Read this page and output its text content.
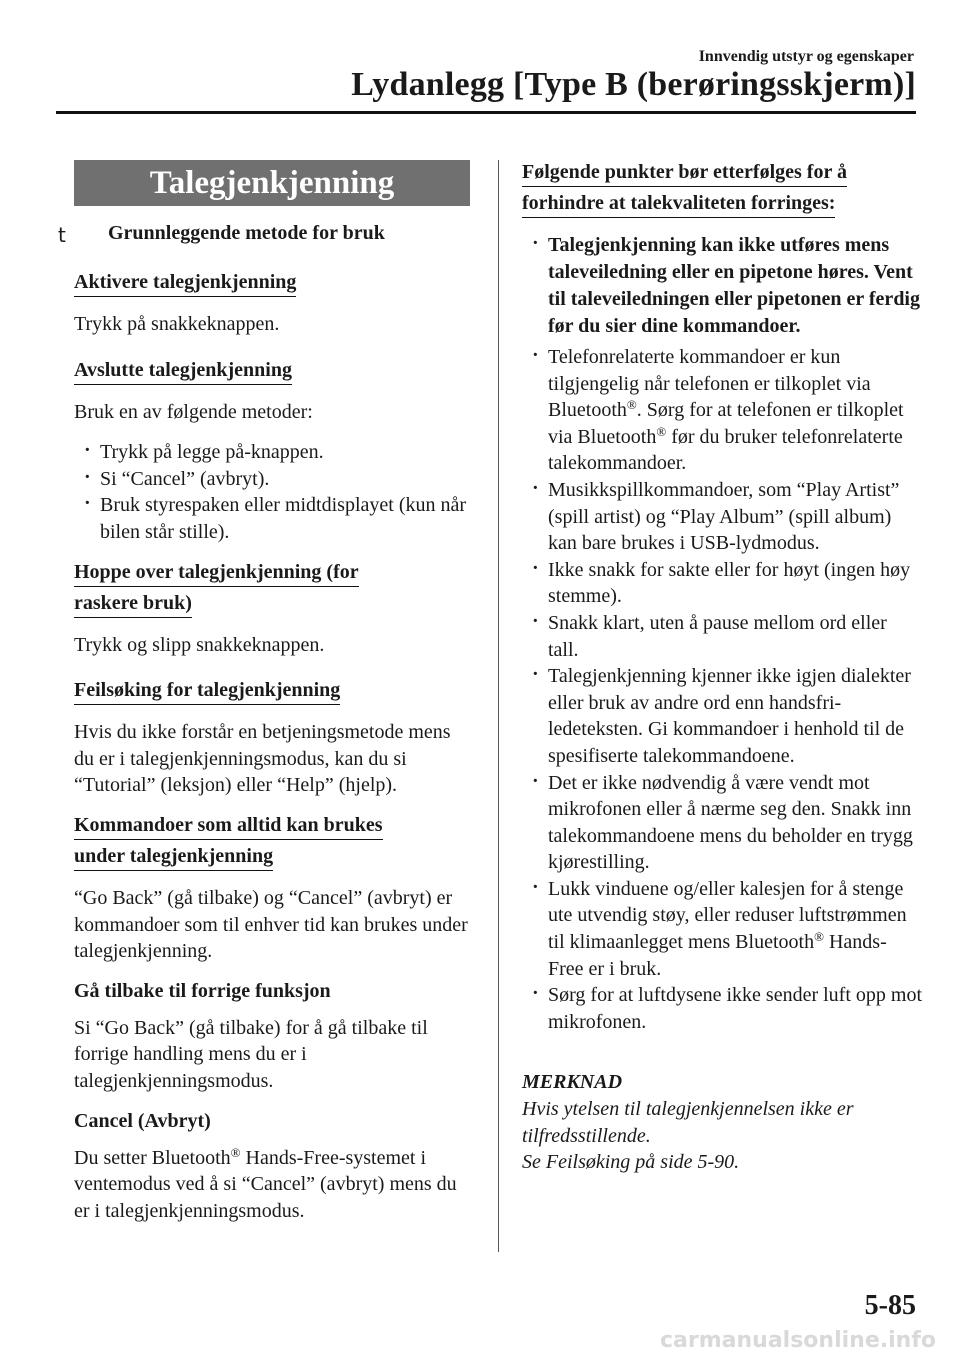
Innvendig utstyr og egenskaper
Lydanlegg [Type B (berøringsskjerm)]
Talegjenkjenning
t Grunnleggende metode for bruk
Aktivere talegjenkjenning

Trykk på snakkeknappen.

Avslutte talegjenkjenning

Bruk en av følgende metoder:

· Trykk på legge på-knappen.
· Si “Cancel” (avbryt).
· Bruk styrespaken eller midtdisplayet (kun når bilen står stille).
Hoppe over talegjenkjenning (for
raskere bruk)

Trykk og slipp snakkeknappen.

Feilsøking for talegjenkjenning

Hvis du ikke forstår en betjeningsmetode mens du er i talegjenkjenningsmodus, kan du si “Tutorial” (leksjon) eller “Help” (hjelp).

Kommandoer som alltid kan brukes
under talegjenkjenning

“Go Back” (gå tilbake) og “Cancel” (avbryt) er kommandoer som til enhver tid kan brukes under talegjenkjenning.

Gå tilbake til forrige funksjon

Si “Go Back” (gå tilbake) for å gå tilbake til forrige handling mens du er i talegjenkjenningsmodus.

Cancel (Avbryt)

Du setter Bluetooth® Hands-Free-systemet i ventemodus ved å si “Cancel” (avbryt) mens du er i talegjenkjenningsmodus.

Følgende punkter bør etterfølges for å
forhindre at talekvaliteten forringes:
· Talegjenkjenning kan ikke utføres mens taleveiledning eller en pipetone høres. Vent til taleveiledningen eller pipetonen er ferdig før du sier dine kommandoer.
· Telefonrelaterte kommandoer er kun tilgjengelig når telefonen er tilkoplet via Bluetooth®. Sørg for at telefonen er tilkoplet via Bluetooth® før du bruker telefonrelaterte talekommandoer.
· Musikkspillkommandoer, som “Play Artist” (spill artist) og “Play Album” (spill album) kan bare brukes i USB-lydmodus.
· Ikke snakk for sakte eller for høyt (ingen høy stemme).
· Snakk klart, uten å pause mellom ord eller tall.
· Talegjenkjenning kjenner ikke igjen dialekter eller bruk av andre ord enn handsfri-ledeteksten. Gi kommandoer i henhold til de spesifiserte talekommandoene.
· Det er ikke nødvendig å være vendt mot mikrofonen eller å nærme seg den. Snakk inn talekommandoene mens du beholder en trygg kjørestilling.
· Lukk vinduene og/eller kalesjen for å stenge ute utvendig støy, eller reduser luftstrømmen til klimaanlegget mens Bluetooth® Hands-Free er i bruk.
· Sørg for at luftdysene ikke sender luft opp mot mikrofonen.
MERKNAD
Hvis ytelsen til talegjenkjennelsen ikke er tilfredsstillende.
Se Feilsøking på side 5-90.
5-85
carmanualsonline.info
